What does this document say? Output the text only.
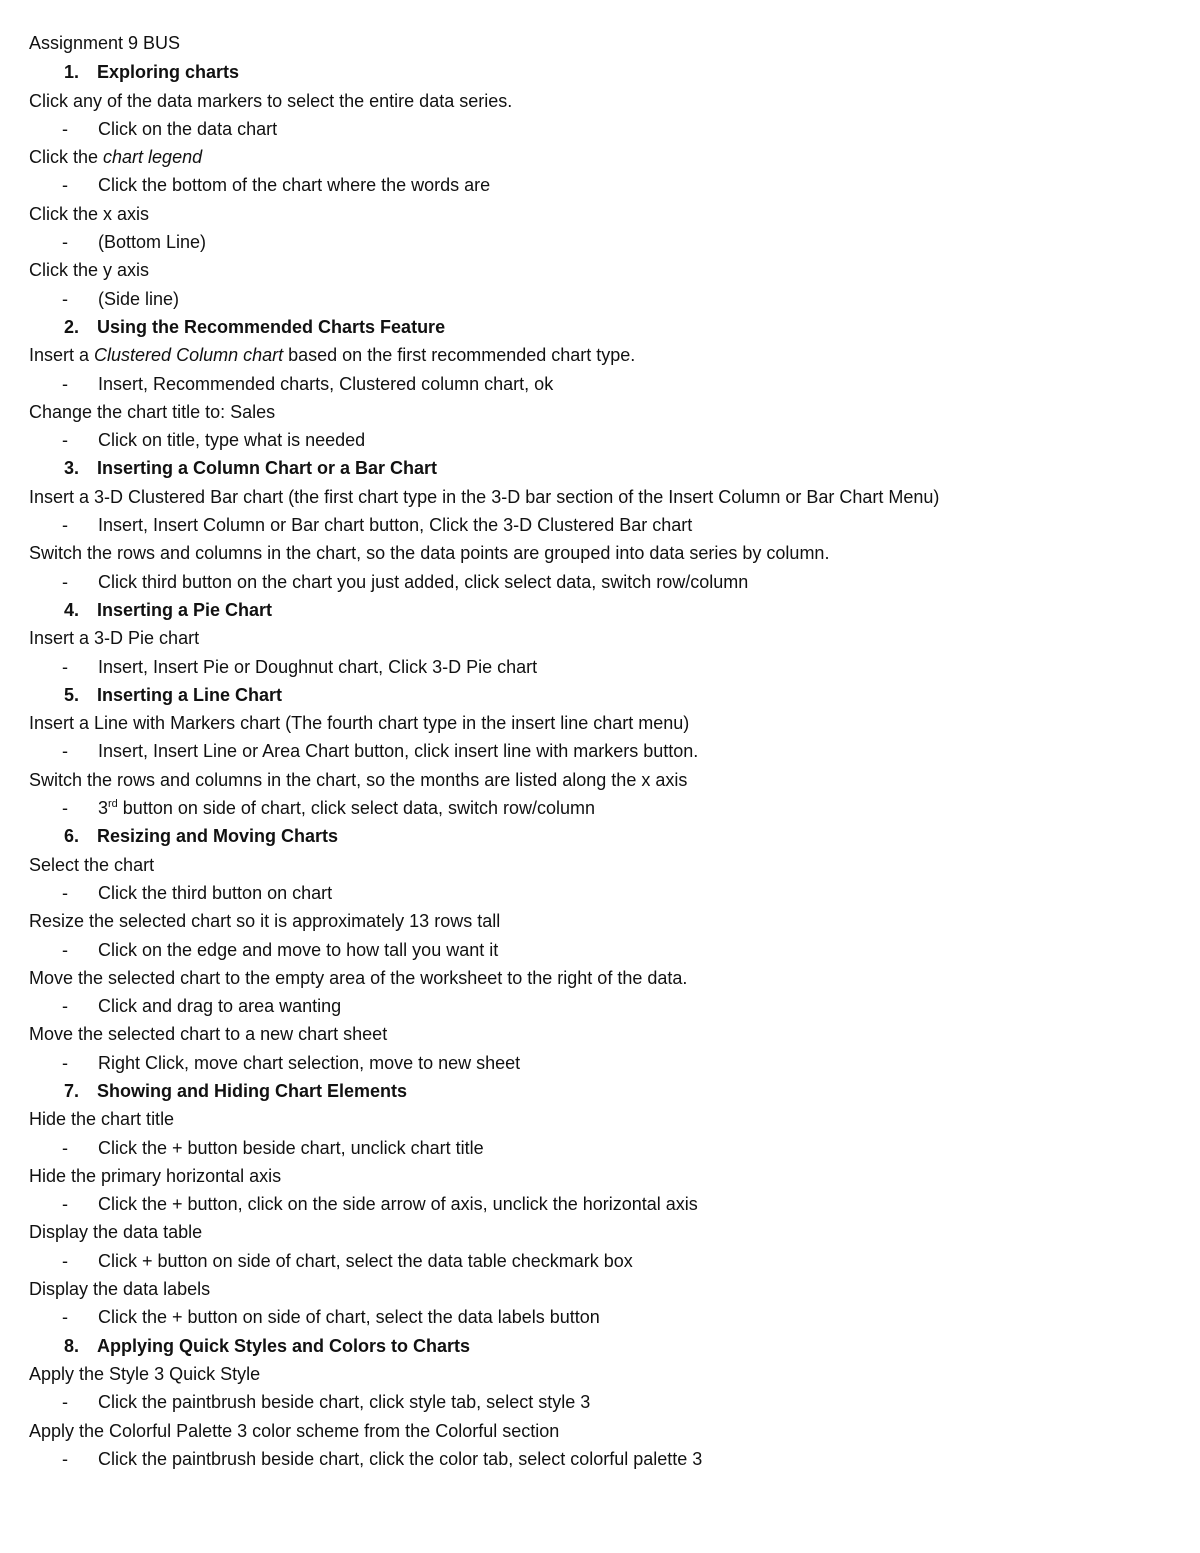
Assignment 9 BUS
1. Exploring charts
Click any of the data markers to select the entire data series.
- Click on the data chart
Click the chart legend
- Click the bottom of the chart where the words are
Click the x axis
- (Bottom Line)
Click the y axis
- (Side line)
2. Using the Recommended Charts Feature
Insert a Clustered Column chart based on the first recommended chart type.
- Insert, Recommended charts, Clustered column chart, ok
Change the chart title to: Sales
- Click on title, type what is needed
3. Inserting a Column Chart or a Bar Chart
Insert a 3-D Clustered Bar chart (the first chart type in the 3-D bar section of the Insert Column or Bar Chart Menu)
- Insert, Insert Column or Bar chart button, Click the 3-D Clustered Bar chart
Switch the rows and columns in the chart, so the data points are grouped into data series by column.
- Click third button on the chart you just added, click select data, switch row/column
4. Inserting a Pie Chart
Insert a 3-D Pie chart
- Insert, Insert Pie or Doughnut chart, Click 3-D Pie chart
5. Inserting a Line Chart
Insert a Line with Markers chart (The fourth chart type in the insert line chart menu)
- Insert, Insert Line or Area Chart button, click insert line with markers button.
Switch the rows and columns in the chart, so the months are listed along the x axis
- 3rd button on side of chart, click select data, switch row/column
6. Resizing and Moving Charts
Select the chart
- Click the third button on chart
Resize the selected chart so it is approximately 13 rows tall
- Click on the edge and move to how tall you want it
Move the selected chart to the empty area of the worksheet to the right of the data.
- Click and drag to area wanting
Move the selected chart to a new chart sheet
- Right Click, move chart selection, move to new sheet
7. Showing and Hiding Chart Elements
Hide the chart title
- Click the + button beside chart, unclick chart title
Hide the primary horizontal axis
- Click the + button, click on the side arrow of axis, unclick the horizontal axis
Display the data table
- Click + button on side of chart, select the data table checkmark box
Display the data labels
- Click the + button on side of chart, select the data labels button
8. Applying Quick Styles and Colors to Charts
Apply the Style 3 Quick Style
- Click the paintbrush beside chart, click style tab, select style 3
Apply the Colorful Palette 3 color scheme from the Colorful section
- Click the paintbrush beside chart, click the color tab, select colorful palette 3
